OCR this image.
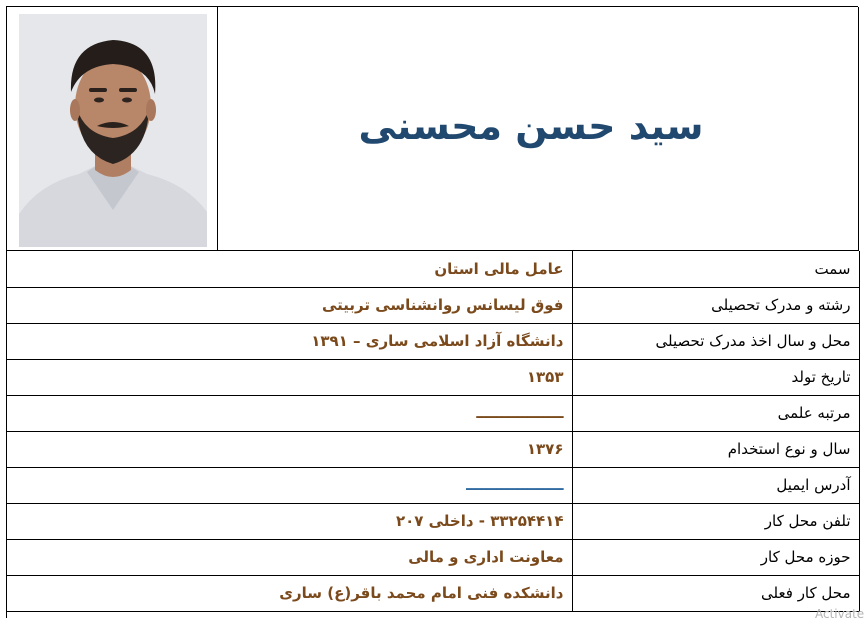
سید حسن محسنی
عامل مالی استان	سمت
فوق لیسانس روانشناسی تربیتی	رشته و مدرک تحصیلی
دانشگاه آزاد اسلامی ساری – ۱۳۹۱	محل و سال اخذ مدرک تحصیلی
۱۳۵۳	تاریخ تولد
ـــــــــــــــــ	مرتبه علمی
۱۳۷۶	سال و نوع استخدام
ـــــــــــــــــــ	آدرس ایمیل
۳۳۲۵۴۴۱۴ - داخلی ۲۰۷	تلفن محل کار
معاونت اداری و مالی	حوزه محل کار
دانشکده فنی امام محمد باقر(ع) ساری	محل کار فعلی
Activate
